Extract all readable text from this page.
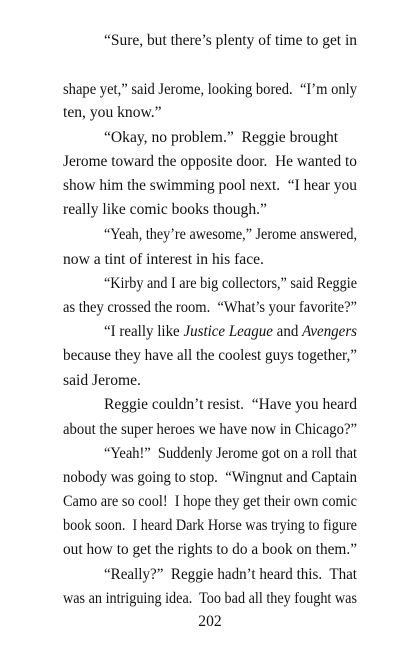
“Sure, but there’s plenty of time to get in
shape yet,” said Jerome, looking bored.  “I’m only
ten, you know.”
“Okay, no problem.”  Reggie brought
Jerome toward the opposite door.  He wanted to
show him the swimming pool next.  “I hear you
really like comic books though.”
“Yeah, they’re awesome,” Jerome answered,
now a tint of interest in his face.
“Kirby and I are big collectors,” said Reggie
as they crossed the room.  “What’s your favorite?”
“I really like Justice League and Avengers
because they have all the coolest guys together,”
said Jerome.
Reggie couldn’t resist.  “Have you heard
about the super heroes we have now in Chicago?”
“Yeah!”  Suddenly Jerome got on a roll that
nobody was going to stop.  “Wingnut and Captain
Camo are so cool!  I hope they get their own comic
book soon.  I heard Dark Horse was trying to figure
out how to get the rights to do a book on them.”
“Really?”  Reggie hadn’t heard this.  That
was an intriguing idea.  Too bad all they fought was
202
